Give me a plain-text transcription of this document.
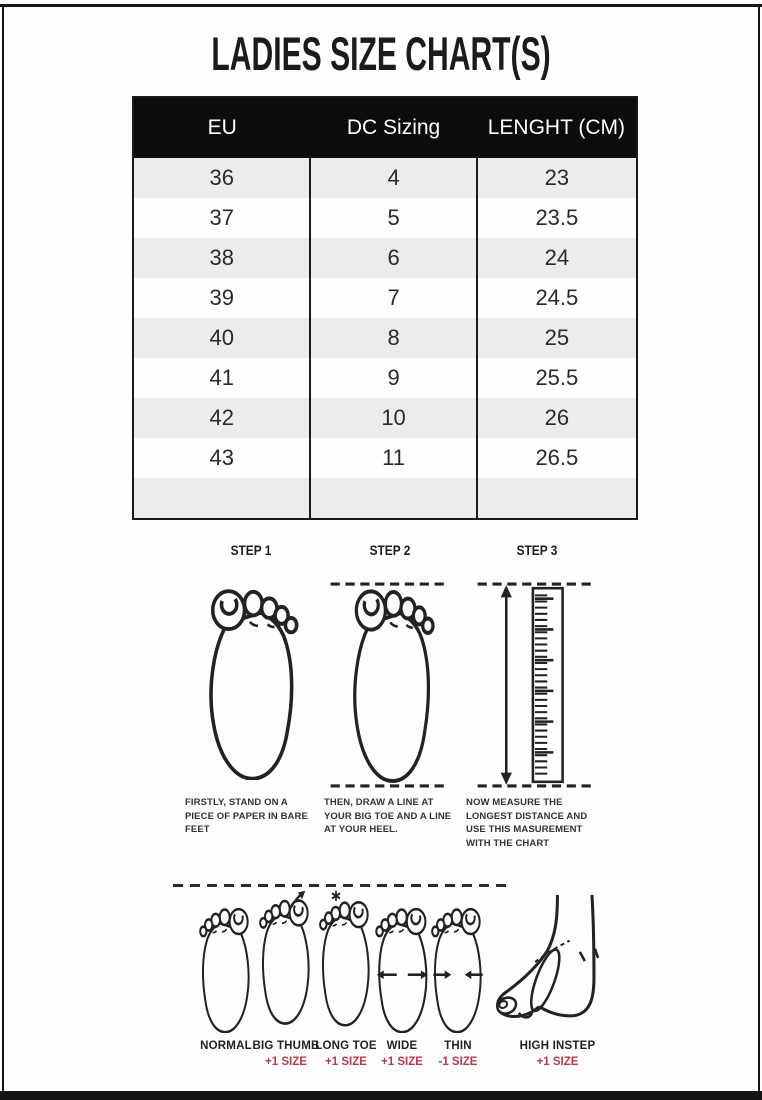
LADIES SIZE CHART(S)
EU	DC Sizing	LENGHT (CM)
36	4	23
37	5	23.5
38	6	24
39	7	24.5
40	8	25
41	9	25.5
42	10	26
43	11	26.5

STEP 1
FIRSTLY, STAND ON A PIECE OF PAPER IN BARE FEET
STEP 2
THEN, DRAW A LINE AT YOUR BIG TOE AND A LINE AT YOUR HEEL.
STEP 3
NOW MEASURE THE LONGEST DISTANCE AND USE THIS MASUREMENT WITH THE CHART
NORMAL BIG THUMB
+1 SIZE
LONG TOE
+1 SIZE
WIDE
+1 SIZE
THIN
-1 SIZE
HIGH INSTEP
+1 SIZE
